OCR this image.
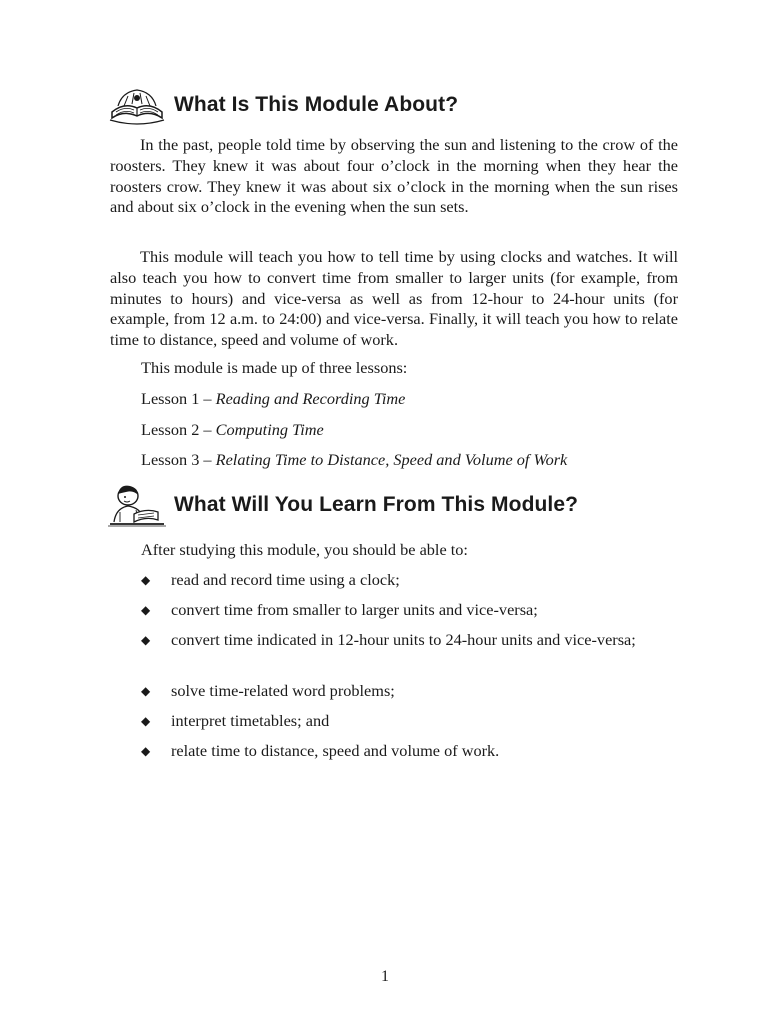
What Is This Module About?

In the past, people told time by observing the sun and listening to the crow of the roosters. They knew it was about four o’clock in the morning when they hear the roosters crow. They knew it was about six o’clock in the morning when the sun rises and about six o’clock in the evening when the sun sets.

This module will teach you how to tell time by using clocks and watches. It will also teach you how to convert time from smaller to larger units (for example, from minutes to hours) and vice-versa as well as from 12-hour to 24-hour units (for example, from 12 a.m. to 24:00) and vice-versa. Finally, it will teach you how to relate time to distance, speed and volume of work.

This module is made up of three lessons:

Lesson 1 – Reading and Recording Time

Lesson 2 – Computing Time

Lesson 3 – Relating Time to Distance, Speed and Volume of Work

What Will You Learn From This Module?

After studying this module, you should be able to:

◆ read and record time using a clock;
◆ convert time from smaller to larger units and vice-versa;
◆ convert time indicated in 12-hour units to 24-hour units and vice-versa;
◆ solve time-related word problems;
◆ interpret timetables; and
◆ relate time to distance, speed and volume of work.
1
